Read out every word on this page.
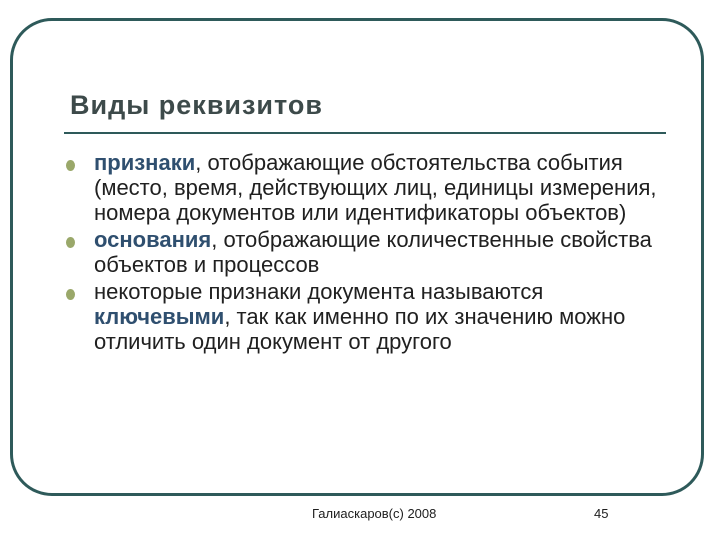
Виды реквизитов
признаки, отображающие обстоятельства события (место, время, действующих лиц, единицы измерения, номера документов или идентификаторы объектов)
основания, отображающие количественные свойства объектов и процессов
некоторые признаки документа называются ключевыми, так как именно по их значению можно отличить один документ от другого
Галиаскаров(с) 2008	45
